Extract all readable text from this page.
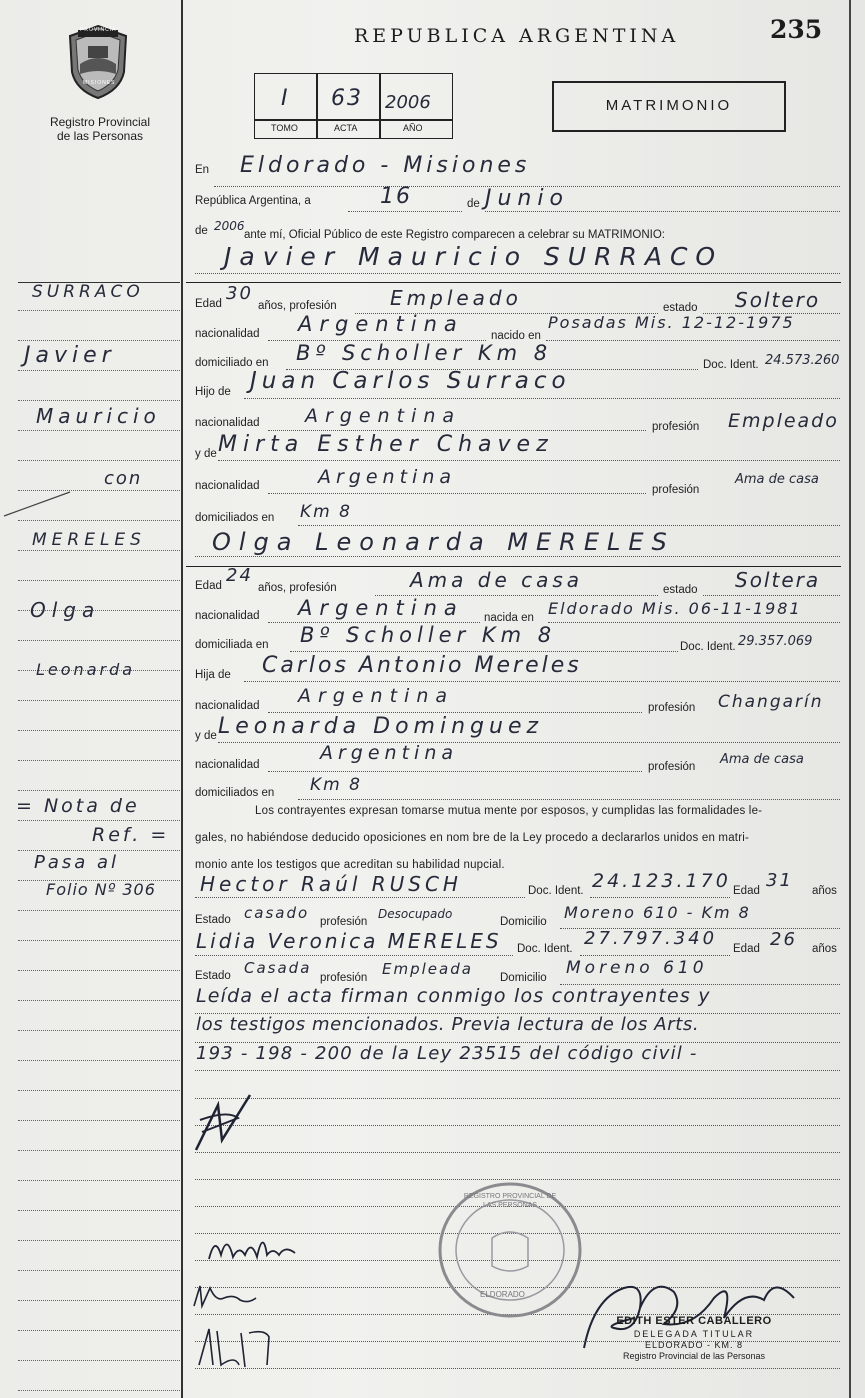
PROVINCIA
MISIONES
Registro Provincial
de las Personas
REPUBLICA ARGENTINA	235
I 63 2006
TOMO	ACTA	AÑO
MATRIMONIO
En Eldorado - Misiones
República Argentina, a	16	de Junio
de 2006
ante mí, Oficial Público de este Registro comparecen a celebrar su MATRIMONIO:
Javier Mauricio SURRACO
Edad 30
años, profesión	Empleado	estado Soltero
nacionalidad Argentina nacido en
Posadas Mis. 12-12-1975
domiciliado en Bº Scholler Km 8	Doc. Ident. 24.573.260
Hijo de Juan Carlos Surraco
nacionalidad Argentina	profesión Empleado
y de Mirta Esther Chavez
nacionalidad	Argentina
profesión
Ama de casa
domiciliados en Km 8
Olga Leonarda MERELES
Edad 24
años, profesión	Ama de casa	estado Soltera
nacionalidad Argentina nacida en Eldorado Mis. 06-11-1981
domiciliada en Bº Scholler Km 8	Doc. Ident. 29.357.069
Hija de Carlos Antonio Mereles
nacionalidad Argentina
profesión Changarín
y de Leonarda Dominguez
nacionalidad
Argentina
profesión Ama de casa
domiciliados en Km 8
Los contrayentes expresan tomarse mutua mente por esposos, y cumplidas las formalidades le-
gales, no habiéndose deducido oposiciones en nom bre de la Ley procedo a declararlos unidos en matri-
monio ante los testigos que acreditan su habilidad nupcial.
Hector Raúl RUSCH	Doc. Ident. 24.123.170 Edad 31 años
Estado casado profesión
Desocupado
Domicilio Moreno 610 - Km 8
Lidia Veronica MERELES Doc. Ident. 27.797.340 Edad 26 años
Estado Casada
profesión Empleada Domicilio Moreno 610
Leída el acta firman conmigo los contrayentes y
los testigos mencionados. Previa lectura de los Arts.
193 - 198 - 200 de la Ley 23515 del código civil -
REGISTRO PROVINCIAL DE LAS PERSONAS
ELDORADO
EDITH ESTER CABALLERO
DELEGADA TITULAR
ELDORADO - KM. 8
Registro Provincial de las Personas
SURRACO
Javier
Mauricio
con
MERELES
Olga
Leonarda
= Nota de
Ref. =
Pasa al
Folio Nº 306
